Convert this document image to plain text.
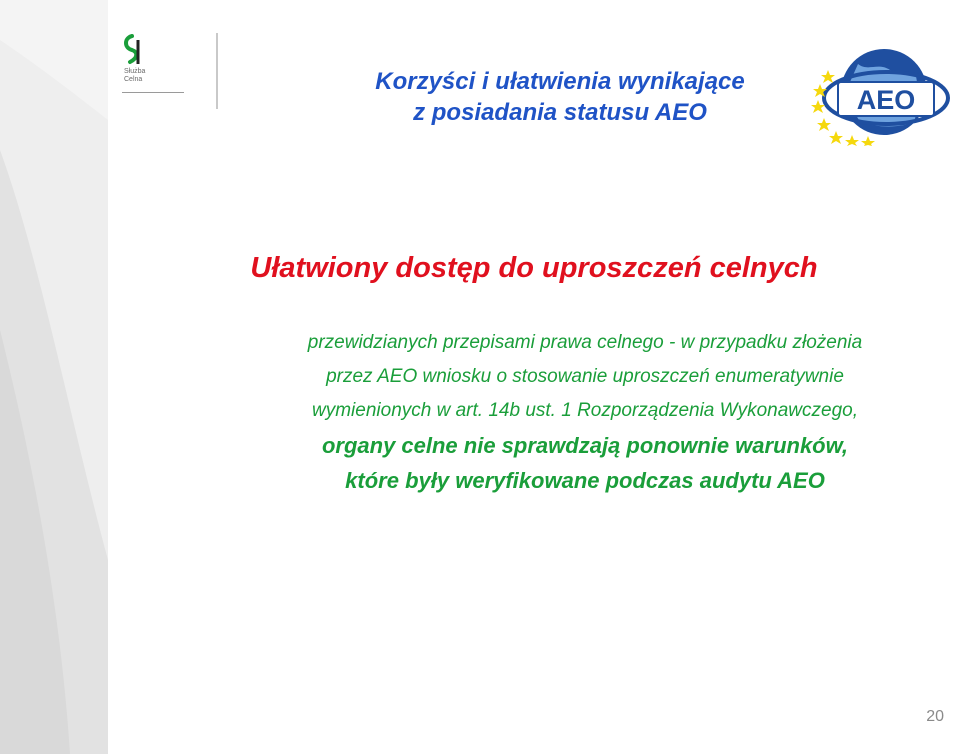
Służba
Celna	Korzyści i ułatwienia wynikające
z posiadania statusu AEO	AEO
Ułatwiony dostęp do uproszczeń celnych
przewidzianych przepisami prawa celnego - w przypadku złożenia
przez AEO wniosku o stosowanie uproszczeń enumeratywnie
wymienionych w art. 14b ust. 1 Rozporządzenia Wykonawczego,
organy celne nie sprawdzają ponownie warunków,
które były weryfikowane podczas audytu AEO
20
